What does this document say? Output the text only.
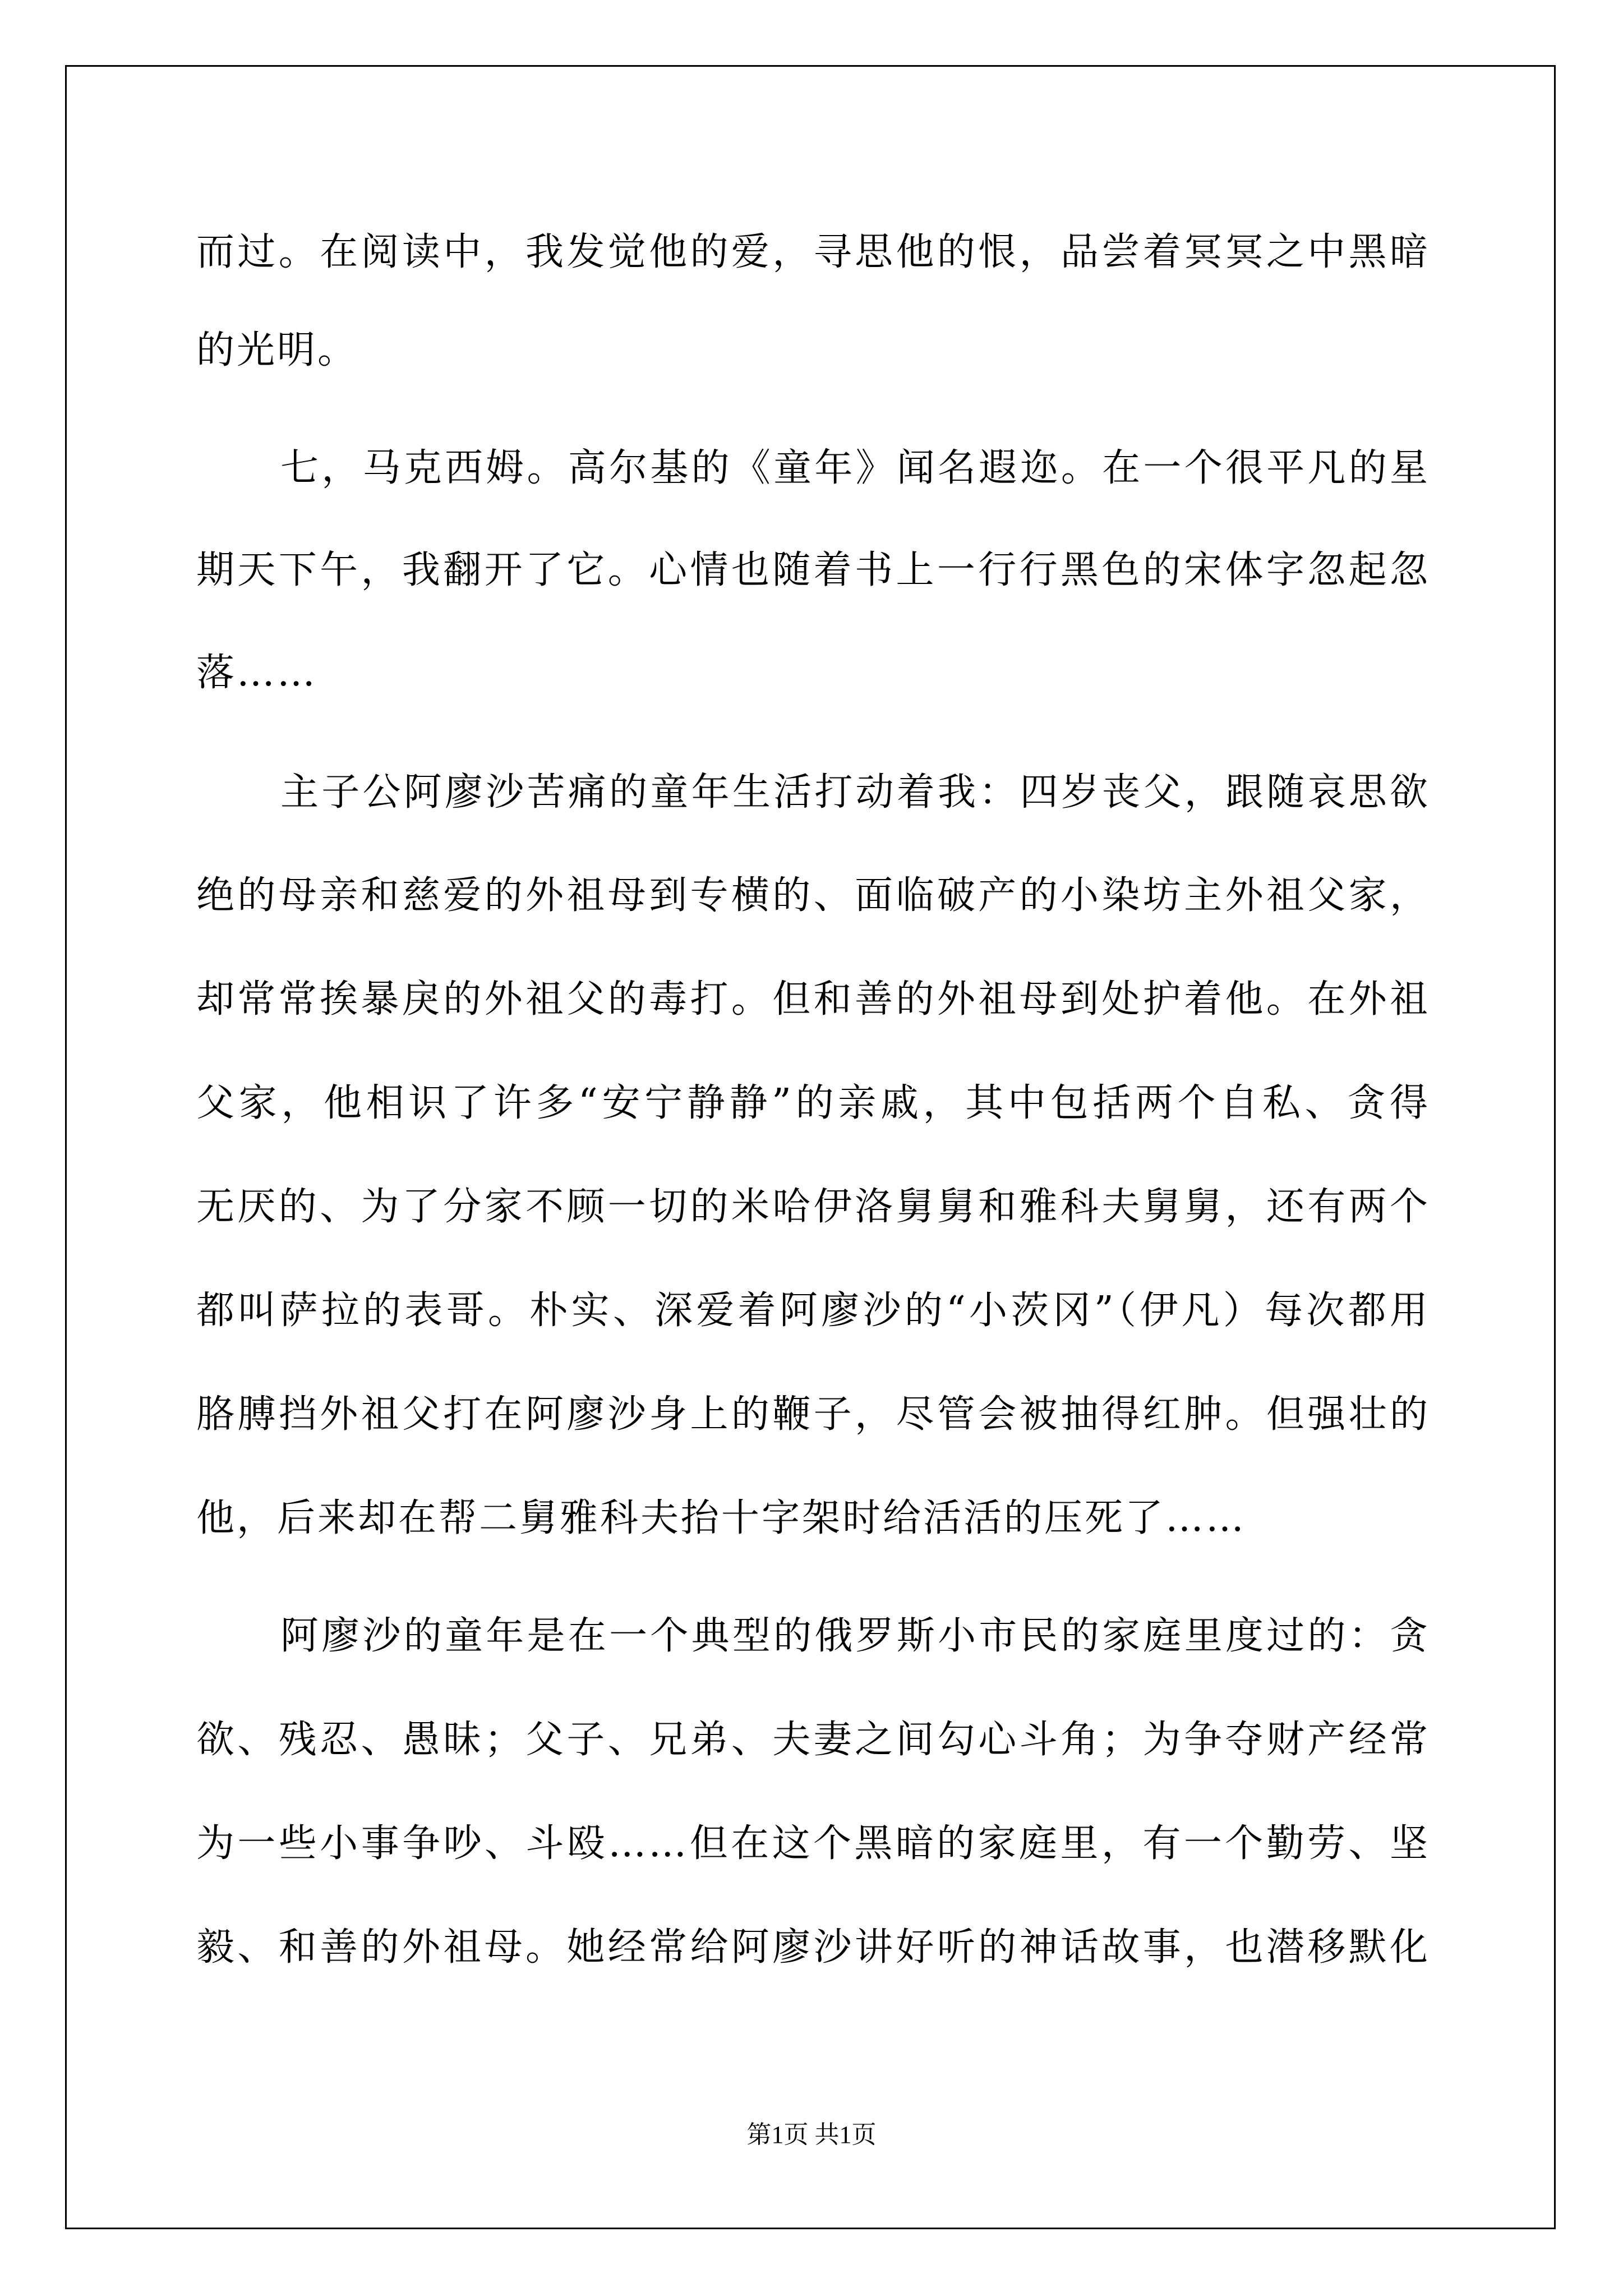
而过。在阅读中，我发觉他的爱，寻思他的恨，品尝着冥冥之中黑暗
的光明。
七，马克西姆。高尔基的《童年》闻名遐迩。在一个很平凡的星
期天下午，我翻开了它。心情也随着书上一行行黑色的宋体字忽起忽
落……
主子公阿廖沙苦痛的童年生活打动着我：四岁丧父，跟随哀思欲
绝的母亲和慈爱的外祖母到专横的、面临破产的小染坊主外祖父家，
却常常挨暴戾的外祖父的毒打。但和善的外祖母到处护着他。在外祖
父家，他相识了许多“安宁静静”的亲戚，其中包括两个自私、贪得
无厌的、为了分家不顾一切的米哈伊洛舅舅和雅科夫舅舅，还有两个
都叫萨拉的表哥。朴实、深爱着阿廖沙的“小茨冈”（伊凡）每次都用
胳膊挡外祖父打在阿廖沙身上的鞭子，尽管会被抽得红肿。但强壮的
他，后来却在帮二舅雅科夫抬十字架时给活活的压死了……
阿廖沙的童年是在一个典型的俄罗斯小市民的家庭里度过的：贪
欲、残忍、愚昧；父子、兄弟、夫妻之间勾心斗角；为争夺财产经常
为一些小事争吵、斗殴……但在这个黑暗的家庭里，有一个勤劳、坚
毅、和善的外祖母。她经常给阿廖沙讲好听的神话故事，也潜移默化
第1页 共1页
